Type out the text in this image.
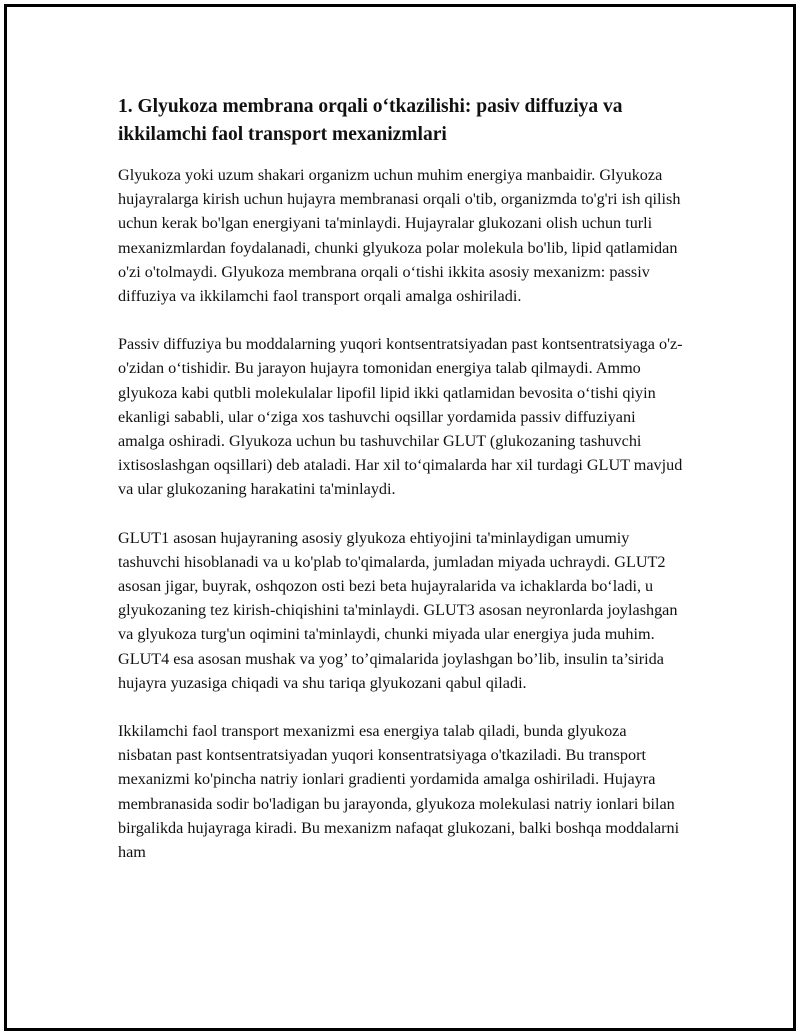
1. Glyukoza membrana orqali o‘tkazilishi: pasiv diffuziya va ikkilamchi faol transport mexanizmlari

Glyukoza yoki uzum shakari organizm uchun muhim energiya manbaidir. Glyukoza hujayralarga kirish uchun hujayra membranasi orqali o'tib, organizmda to'g'ri ish qilish uchun kerak bo'lgan energiyani ta'minlaydi. Hujayralar glukozani olish uchun turli mexanizmlardan foydalanadi, chunki glyukoza polar molekula bo'lib, lipid qatlamidan o'zi o'tolmaydi. Glyukoza membrana orqali o‘tishi ikkita asosiy mexanizm: passiv diffuziya va ikkilamchi faol transport orqali amalga oshiriladi.

Passiv diffuziya bu moddalarning yuqori kontsentratsiyadan past kontsentratsiyaga o'z-o'zidan o‘tishidir. Bu jarayon hujayra tomonidan energiya talab qilmaydi. Ammo glyukoza kabi qutbli molekulalar lipofil lipid ikki qatlamidan bevosita o‘tishi qiyin ekanligi sababli, ular o‘ziga xos tashuvchi oqsillar yordamida passiv diffuziyani amalga oshiradi. Glyukoza uchun bu tashuvchilar GLUT (glukozaning tashuvchi ixtisoslashgan oqsillari) deb ataladi. Har xil to‘qimalarda har xil turdagi GLUT mavjud va ular glukozaning harakatini ta'minlaydi.

GLUT1 asosan hujayraning asosiy glyukoza ehtiyojini ta'minlaydigan umumiy tashuvchi hisoblanadi va u ko'plab to'qimalarda, jumladan miyada uchraydi. GLUT2 asosan jigar, buyrak, oshqozon osti bezi beta hujayralarida va ichaklarda bo‘ladi, u glyukozaning tez kirish-chiqishini ta'minlaydi. GLUT3 asosan neyronlarda joylashgan va glyukoza turg'un oqimini ta'minlaydi, chunki miyada ular energiya juda muhim. GLUT4 esa asosan mushak va yog’ to’qimalarida joylashgan bo’lib, insulin ta’sirida hujayra yuzasiga chiqadi va shu tariqa glyukozani qabul qiladi.

Ikkilamchi faol transport mexanizmi esa energiya talab qiladi, bunda glyukoza nisbatan past kontsentratsiyadan yuqori konsentratsiyaga o'tkaziladi. Bu transport mexanizmi ko'pincha natriy ionlari gradienti yordamida amalga oshiriladi. Hujayra membranasida sodir bo'ladigan bu jarayonda, glyukoza molekulasi natriy ionlari bilan birgalikda hujayraga kiradi. Bu mexanizm nafaqat glukozani, balki boshqa moddalarni ham
